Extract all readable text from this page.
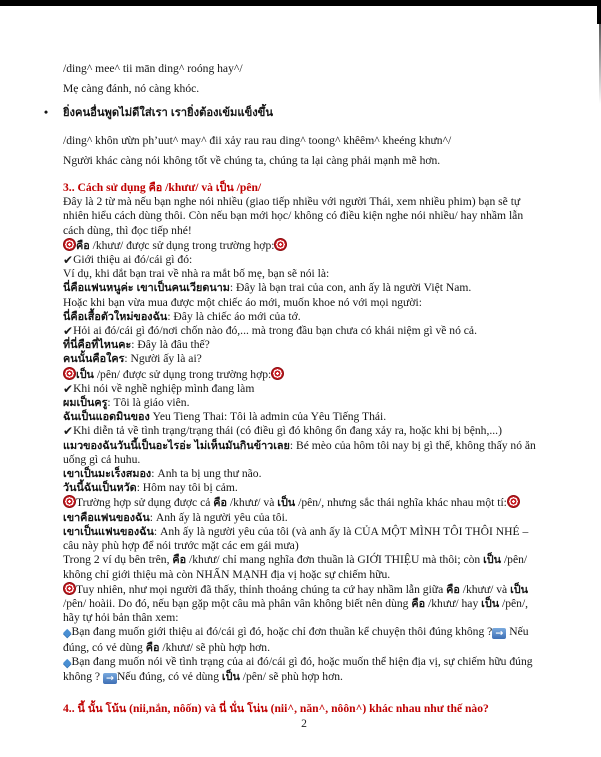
/ding^ mee^ tii mān ding^ roóng hay^/
Mẹ càng đánh, nó càng khóc.
• ยิ่งคนอื่นพูดไม่ดีใส่เรา เรายิ่งต้องเข้มแข็งขึ้น
/ding^ khôn ưừn ph’uut^ may^ đii xảy rau rau ding^ toong^ khêêm^ kheéng khưn^/
Người khác càng nói không tốt về chúng ta, chúng ta lại càng phải mạnh mẽ hơn.
3.. Cách sử dụng คือ /khưư/ và เป็น /pên/
Đây là 2 từ mà nếu bạn nghe nói nhiều (giao tiếp nhiều với người Thái, xem nhiều phim) bạn sẽ tự nhiên hiểu cách dùng thôi. Còn nếu bạn mới học/ không có điều kiện nghe nói nhiều/ hay nhầm lẫn cách dùng, thì đọc tiếp nhé!
คือ /khưư/ được sử dụng trong trường hợp:
✔Giới thiệu ai đó/cái gì đó:
Ví dụ, khi dắt bạn trai về nhà ra mắt bố mẹ, bạn sẽ nói là:
นี่คือแฟนหนูค่ะ เขาเป็นคนเวียดนาม: Đây là bạn trai của con, anh ấy là người Việt Nam.
Hoặc khi bạn vừa mua được một chiếc áo mới, muốn khoe nó với mọi người:
นี่คือเสื้อตัวใหม่ของฉัน: Đây là chiếc áo mới của tớ.
✔Hỏi ai đó/cái gì đó/nơi chốn nào đó,... mà trong đầu bạn chưa có khái niệm gì về nó cả.
ที่นี่คือที่ไหนคะ: Đây là đâu thế?
คนนั้นคือใคร: Người ấy là ai?
เป็น /pên/ được sử dụng trong trường hợp:
✔Khi nói về nghề nghiệp mình đang làm
ผมเป็นครู: Tôi là giáo viên.
ฉันเป็นแอดมินของ Yeu Tieng Thai: Tôi là admin của Yêu Tiếng Thái.
✔Khi diễn tả về tình trạng/trạng thái (có điều gì đó không ổn đang xảy ra, hoặc khi bị bệnh,...)
แมวของฉันวันนี้เป็นอะไรอ่ะ ไม่เห็นมันกินข้าวเลย: Bé mèo của hôm tôi nay bị gì thế, không thấy nó ăn uống gì cả huhu.
เขาเป็นมะเร็งสมอง: Anh ta bị ung thư não.
วันนี้ฉันเป็นหวัด: Hôm nay tôi bị cảm.
Trường hợp sử dụng được cả คือ /khưư/ và เป็น /pên/, nhưng sắc thái nghĩa khác nhau một tí:
เขาคือแฟนของฉัน: Anh ấy là người yêu của tôi.
เขาเป็นแฟนของฉัน: Anh ấy là người yêu của tôi (và anh ấy là CỦA MỘT MÌNH TÔI THÔI NHÉ – câu này phù hợp để nói trước mặt các em gái mưa)
Trong 2 ví dụ bên trên, คือ /khưư/ chỉ mang nghĩa đơn thuần là GIỚI THIỆU mà thôi; còn เป็น /pên/ không chỉ giới thiệu mà còn NHẤN MẠNH địa vị hoặc sự chiếm hữu.
Tuy nhiên, như mọi người đã thấy, thỉnh thoảng chúng ta cứ hay nhầm lẫn giữa คือ /khưư/ và เป็น /pên/ hoàii. Do đó, nếu bạn gặp một câu mà phân vân không biết nên dùng คือ /khưư/ hay เป็น /pên/, hãy tự hỏi bản thân xem:
◆Bạn đang muốn giới thiệu ai đó/cái gì đó, hoặc chỉ đơn thuần kể chuyện thôi đúng không ? → Nếu đúng, có vẻ dùng คือ /khưư/ sẽ phù hợp hơn.
◆Bạn đang muốn nói về tình trạng của ai đó/cái gì đó, hoặc muốn thể hiện địa vị, sự chiếm hữu đúng không ? → Nếu đúng, có vẻ dùng เป็น /pên/ sẽ phù hợp hơn.
4.. นี้ นั้น โน้น (nii,nắn, nôốn) và นี่ นั่น โน่น (nii^, năn^, nôôn^) khác nhau như thế nào?
2
